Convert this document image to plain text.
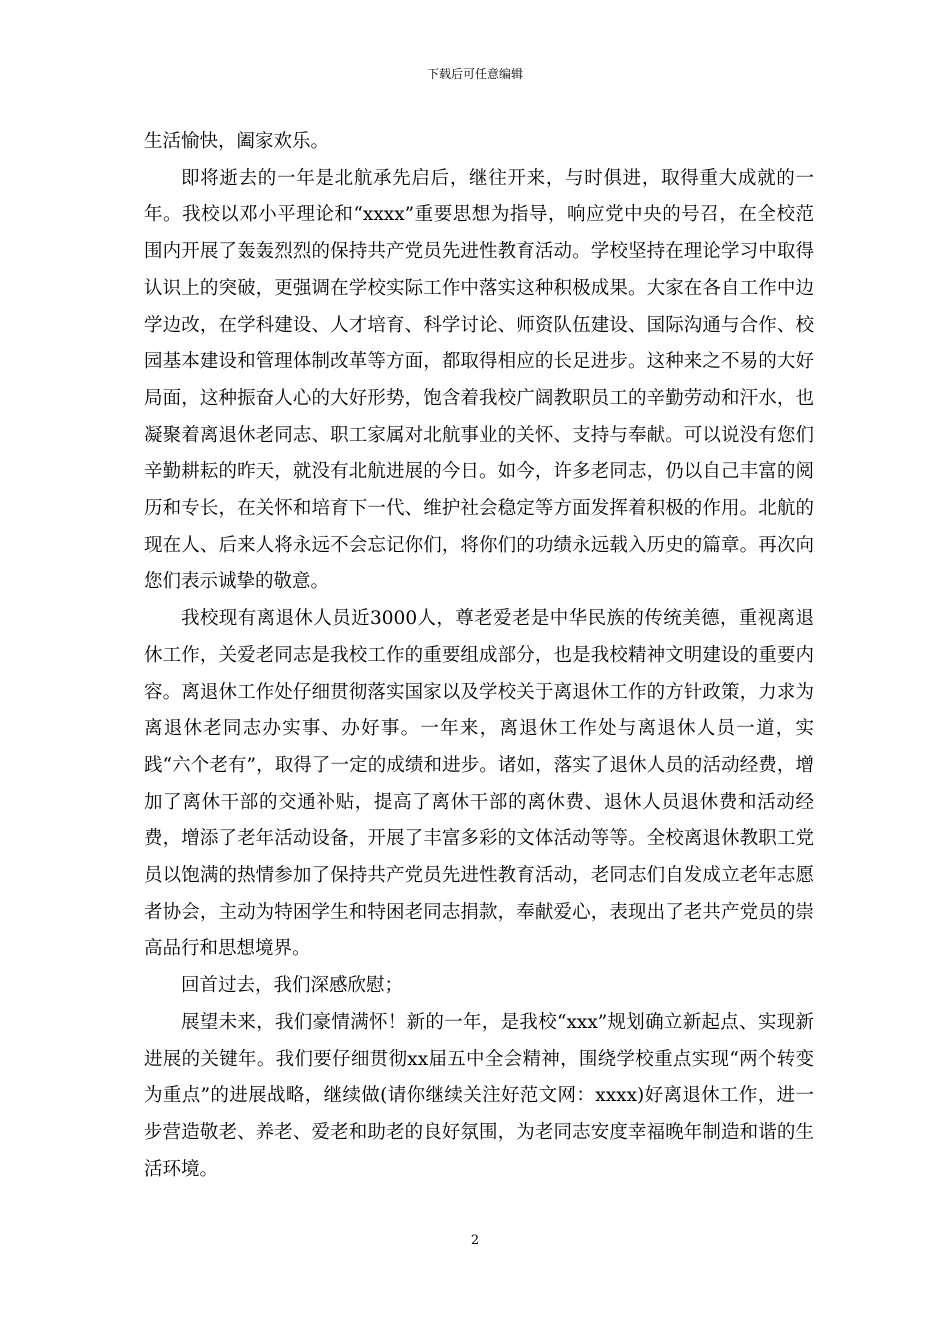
下载后可任意编辑

生活愉快，阖家欢乐。

即将逝去的一年是北航承先启后，继往开来，与时俱进，取得重大成就的一年。我校以邓小平理论和“xxxx”重要思想为指导，响应党中央的号召，在全校范围内开展了轰轰烈烈的保持共产党员先进性教育活动。学校坚持在理论学习中取得认识上的突破，更强调在学校实际工作中落实这种积极成果。大家在各自工作中边学边改，在学科建设、人才培育、科学讨论、师资队伍建设、国际沟通与合作、校园基本建设和管理体制改革等方面，都取得相应的长足进步。这种来之不易的大好局面，这种振奋人心的大好形势，饱含着我校广阔教职员工的辛勤劳动和汗水，也凝聚着离退休老同志、职工家属对北航事业的关怀、支持与奉献。可以说没有您们辛勤耕耘的昨天，就没有北航进展的今日。如今，许多老同志，仍以自己丰富的阅历和专长，在关怀和培育下一代、维护社会稳定等方面发挥着积极的作用。北航的现在人、后来人将永远不会忘记你们，将你们的功绩永远载入历史的篇章。再次向您们表示诚挚的敬意。

我校现有离退休人员近3000人，尊老爱老是中华民族的传统美德，重视离退休工作，关爱老同志是我校工作的重要组成部分，也是我校精神文明建设的重要内容。离退休工作处仔细贯彻落实国家以及学校关于离退休工作的方针政策，力求为离退休老同志办实事、办好事。一年来，离退休工作处与离退休人员一道，实践“六个老有”，取得了一定的成绩和进步。诸如，落实了退休人员的活动经费，增加了离休干部的交通补贴，提高了离休干部的离休费、退休人员退休费和活动经费，增添了老年活动设备，开展了丰富多彩的文体活动等等。全校离退休教职工党员以饱满的热情参加了保持共产党员先进性教育活动，老同志们自发成立老年志愿者协会，主动为特困学生和特困老同志捐款，奉献爱心，表现出了老共产党员的崇高品行和思想境界。

回首过去，我们深感欣慰；

展望未来，我们豪情满怀！新的一年，是我校“xxx”规划确立新起点、实现新进展的关键年。我们要仔细贯彻xx届五中全会精神，围绕学校重点实现“两个转变为重点”的进展战略，继续做(请你继续关注好范文网：xxxx)好离退休工作，进一步营造敬老、养老、爱老和助老的良好氛围，为老同志安度幸福晚年制造和谐的生活环境。

2
